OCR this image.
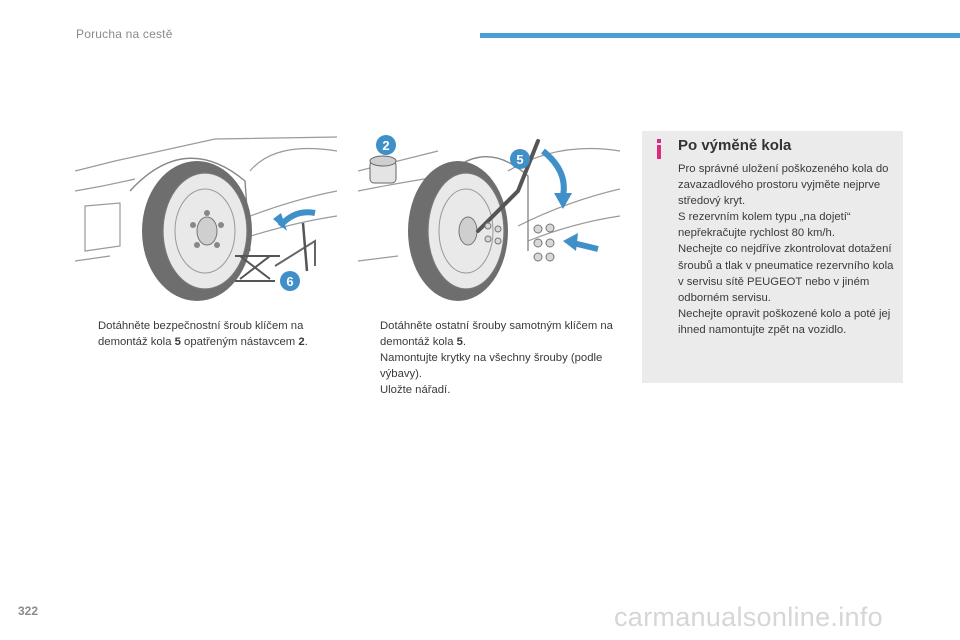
Porucha na cestě
6
2
5
Dotáhněte bezpečnostní šroub klíčem na demontáž kola 5 opatřeným nástavcem 2.
Dotáhněte ostatní šrouby samotným klíčem na demontáž kola 5.
Namontujte krytky na všechny šrouby (podle výbavy).
Uložte nářadí.
Po výměně kola

Pro správné uložení poškozeného kola do zavazadlového prostoru vyjměte nejprve středový kryt.
S rezervním kolem typu „na dojetí“ nepřekračujte rychlost 80 km/h.
Nechejte co nejdříve zkontrolovat dotažení šroubů a tlak v pneumatice rezervního kola v servisu sítě PEUGEOT nebo v jiném odborném servisu.
Nechejte opravit poškozené kolo a poté jej ihned namontujte zpět na vozidlo.

322	carmanualsonline.info
